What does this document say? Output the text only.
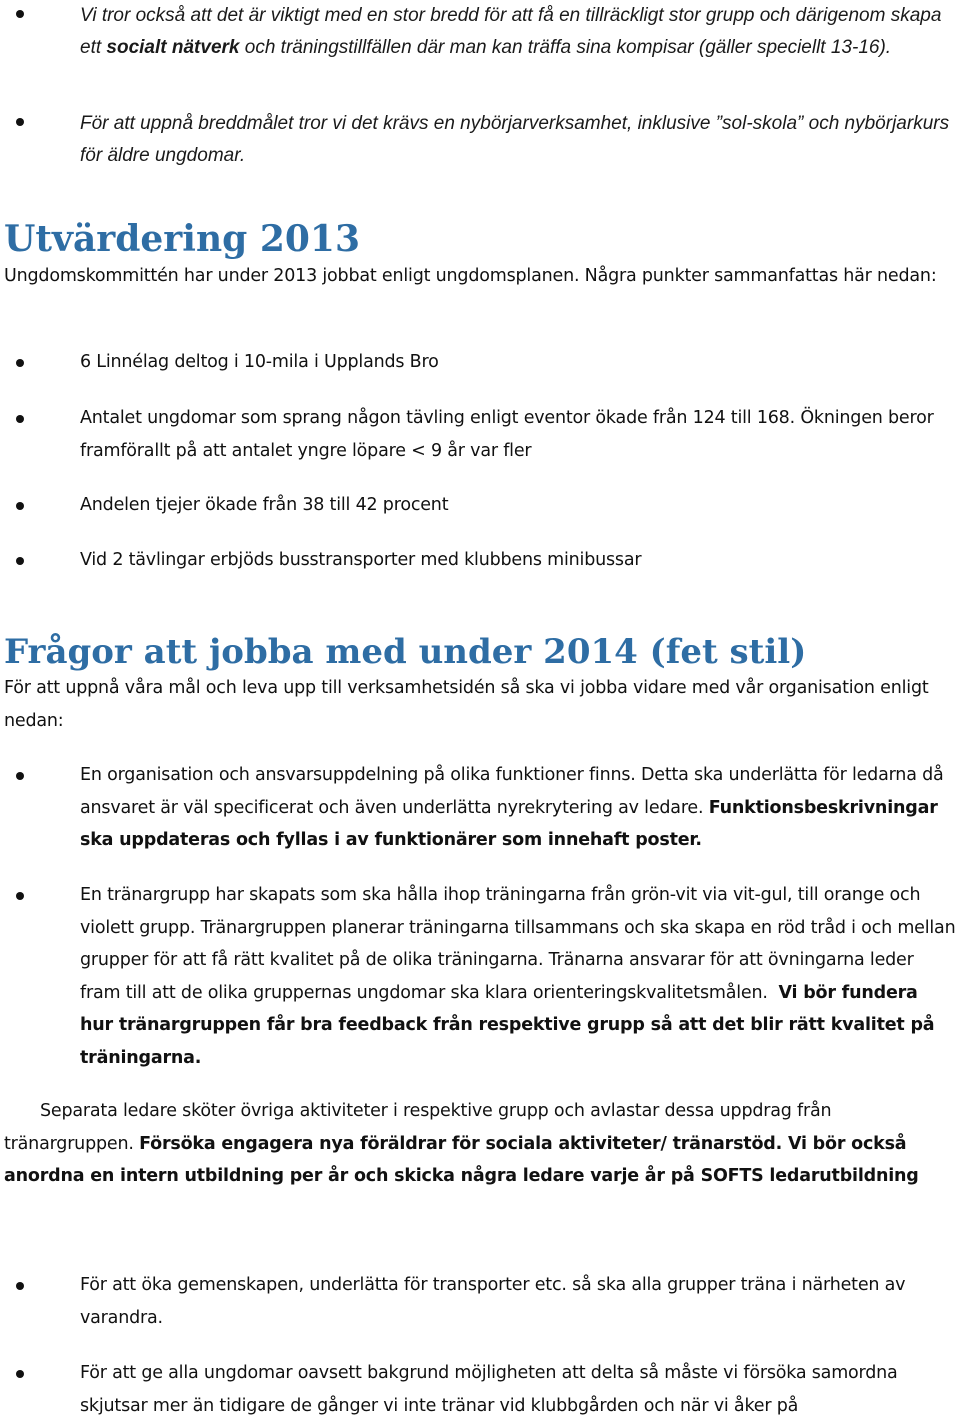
Vi tror också att det är viktigt med en stor bredd för att få en tillräckligt stor grupp och därigenom skapa ett socialt nätverk och träningstillfällen där man kan träffa sina kompisar (gäller speciellt 13-16).
För att uppnå breddmålet tror vi det krävs en nybörjarverksamhet, inklusive ”sol-skola” och nybörjarkurs för äldre ungdomar.
Utvärdering 2013
Ungdomskommittén har under 2013 jobbat enligt ungdomsplanen. Några punkter sammanfattas här nedan:
6 Linnélag deltog i 10-mila i Upplands Bro
Antalet ungdomar som sprang någon tävling enligt eventor ökade från 124 till 168. Ökningen beror framförallt på att antalet yngre löpare < 9 år var fler
Andelen tjejer ökade från 38 till 42 procent
Vid 2 tävlingar erbjöds busstransporter med klubbens minibussar
Frågor att jobba med under 2014 (fet stil)
För att uppnå våra mål och leva upp till verksamhetsidén så ska vi jobba vidare med vår organisation enligt nedan:
En organisation och ansvarsuppdelning på olika funktioner finns. Detta ska underlätta för ledarna då ansvaret är väl specificerat och även underlätta nyrekrytering av ledare. Funktionsbeskrivningar ska uppdateras och fyllas i av funktionärer som innehaft poster.
En tränargrupp har skapats som ska hålla ihop träningarna från grön-vit via vit-gul, till orange och violett grupp. Tränargruppen planerar träningarna tillsammans och ska skapa en röd tråd i och mellan grupper för att få rätt kvalitet på de olika träningarna. Tränarna ansvarar för att övningarna leder fram till att de olika gruppernas ungdomar ska klara orienteringskvalitetsmålen. Vi bör fundera hur tränargruppen får bra feedback från respektive grupp så att det blir rätt kvalitet på träningarna.
Separata ledare sköter övriga aktiviteter i respektive grupp och avlastar dessa uppdrag från tränargruppen. Försöka engagera nya föräldrar för sociala aktiviteter/ tränarstöd. Vi bör också anordna en intern utbildning per år och skicka några ledare varje år på SOFTS ledarutbildning
För att öka gemenskapen, underlätta för transporter etc. så ska alla grupper träna i närheten av varandra.
För att ge alla ungdomar oavsett bakgrund möjligheten att delta så måste vi försöka samordna skjutsar mer än tidigare de gånger vi inte tränar vid klubbgården och när vi åker på
